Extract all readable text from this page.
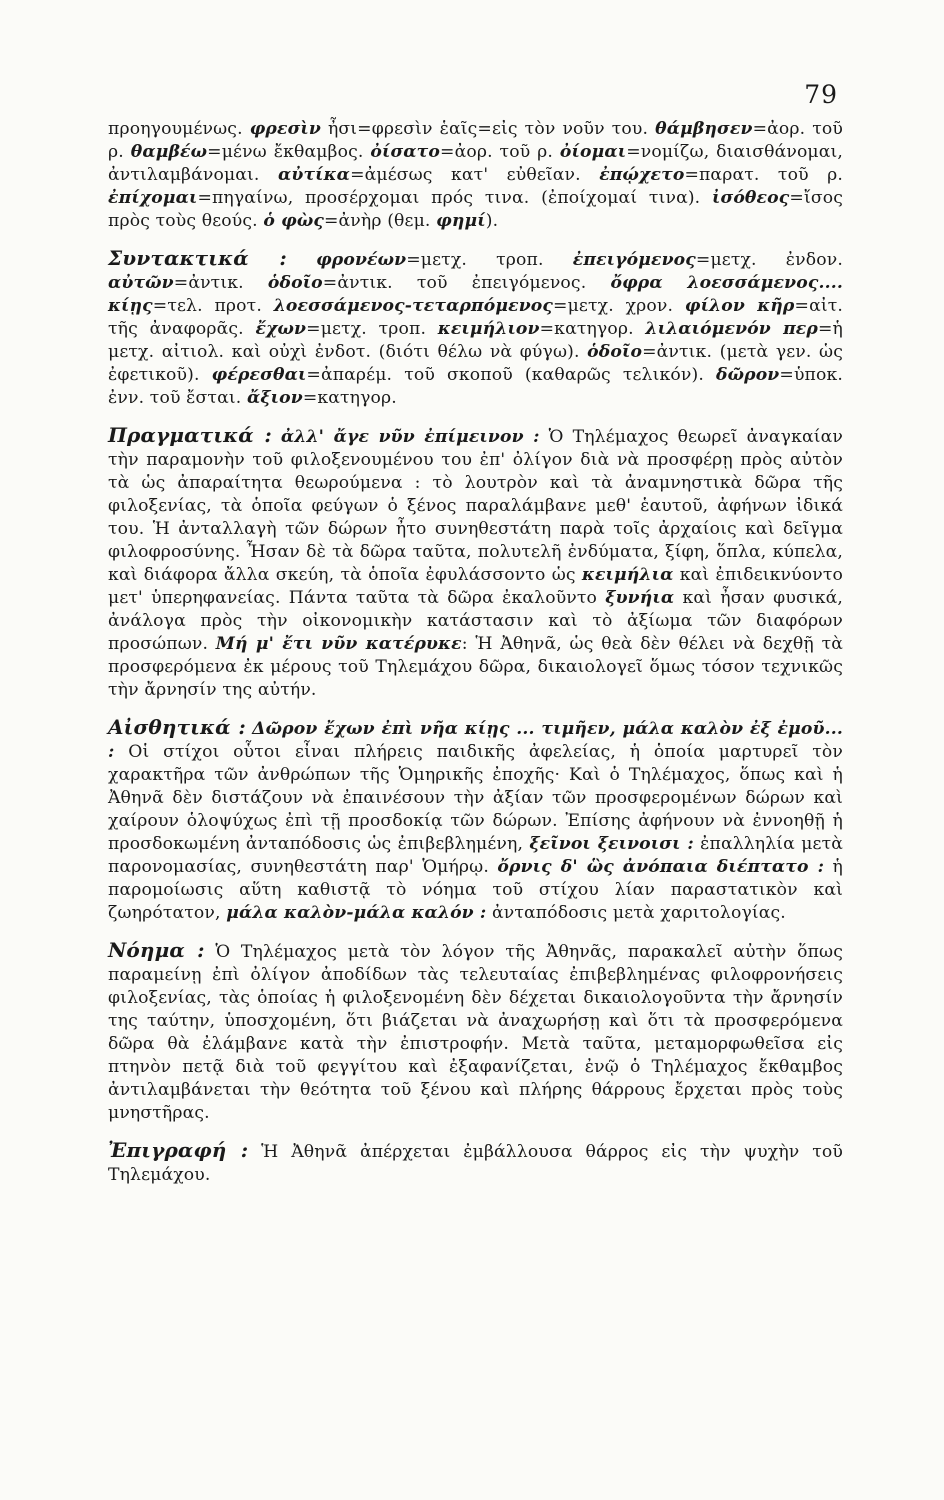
79

προηγουμένως. φρεσὶν ἦσι=φρεσὶν ἑαῖς=εἰς τὸν νοῦν του. θάμβησεν=ἀορ. τοῦ ρ. θαμβέω=μένω ἔκθαμβος. ὀίσατο=ἀορ. τοῦ ρ. ὀίομαι=νομίζω, διαισθάνομαι, ἀντιλαμβάνομαι. αὐτίκα=ἀμέσως κατ' εὐθεῖαν. ἐπῴχετο=παρατ. τοῦ ρ. ἐπίχομαι=πηγαίνω, προσέρχομαι πρός τινα. (ἐποίχομαί τινα). ἰσόθεος=ἴσος πρὸς τοὺς θεούς. ὁ φὼς=ἀνὴρ (θεμ. φημί).

Συντακτικά : φρονέων=μετχ. τροπ. ἐπειγόμενος=μετχ. ἐνδον. αὐτῶν=ἀντικ. ὁδοῖο=ἀντικ. τοῦ ἐπειγόμενος. ὄφρα λοεσσάμενος.... κίῃς=τελ. προτ. λοεσσάμενος-τεταρπόμενος=μετχ. χρον. φίλον κῆρ=αἰτ. τῆς ἀναφορᾶς. ἔχων=μετχ. τροπ. κειμήλιον=κατηγορ. λιλαιόμενόν περ=ἡ μετχ. αἰτιολ. καὶ οὐχὶ ἐνδοτ. (διότι θέλω νὰ φύγω). ὁδοῖο=ἀντικ. (μετὰ γεν. ὡς ἐφετικοῦ). φέρεσθαι=ἀπαρέμ. τοῦ σκοποῦ (καθαρῶς τελικόν). δῶρον=ὑποκ. ἐνν. τοῦ ἔσται. ἄξιον=κατηγορ.

Πραγματικά : ἀλλ' ἄγε νῦν ἐπίμεινον : Ὁ Τηλέμαχος θεωρεῖ ἀναγκαίαν τὴν παραμονὴν τοῦ φιλοξενουμένου του ἐπ' ὀλίγον διὰ νὰ προσφέρῃ πρὸς αὐτὸν τὰ ὡς ἀπαραίτητα θεωρούμενα : τὸ λουτρὸν καὶ τὰ ἀναμνηστικὰ δῶρα τῆς φιλοξενίας, τὰ ὁποῖα φεύγων ὁ ξένος παραλάμβανε μεθ' ἑαυτοῦ, ἀφήνων ἰδικά του. Ἡ ἀνταλλαγὴ τῶν δώρων ἦτο συνηθεστάτη παρὰ τοῖς ἀρχαίοις καὶ δεῖγμα φιλοφροσύνης. Ἦσαν δὲ τὰ δῶρα ταῦτα, πολυτελῆ ἐνδύματα, ξίφη, ὅπλα, κύπελα, καὶ διάφορα ἄλλα σκεύη, τὰ ὁποῖα ἐφυλάσσοντο ὡς κειμήλια καὶ ἐπιδεικνύοντο μετ' ὑπερηφανείας. Πάντα ταῦτα τὰ δῶρα ἐκαλοῦντο ξυνήια καὶ ἦσαν φυσικά, ἀνάλογα πρὸς τὴν οἰκονομικὴν κατάστασιν καὶ τὸ ἀξίωμα τῶν διαφόρων προσώπων. Μή μ' ἔτι νῦν κατέρυκε: Ἡ Ἀθηνᾶ, ὡς θεὰ δὲν θέλει νὰ δεχθῇ τὰ προσφερόμενα ἐκ μέρους τοῦ Τηλεμάχου δῶρα, δικαιολογεῖ ὅμως τόσον τεχνικῶς τὴν ἄρνησίν της αὐτήν.

Αἰσθητικά : Δῶρον ἔχων ἐπὶ νῆα κίῃς ... τιμῆεν, μάλα καλὸν ἐξ ἐμοῦ... : Οἱ στίχοι οὗτοι εἶναι πλήρεις παιδικῆς ἀφελείας, ἡ ὁποία μαρτυρεῖ τὸν χαρακτῆρα τῶν ἀνθρώπων τῆς Ὁμηρικῆς ἐποχῆς· Καὶ ὁ Τηλέμαχος, ὅπως καὶ ἡ Ἀθηνᾶ δὲν διστάζουν νὰ ἐπαινέσουν τὴν ἀξίαν τῶν προσφερομένων δώρων καὶ χαίρουν ὁλοψύχως ἐπὶ τῇ προσδοκίᾳ τῶν δώρων. Ἐπίσης ἀφήνουν νὰ ἐννοηθῇ ἡ προσδοκωμένη ἀνταπόδοσις ὡς ἐπιβεβλημένη, ξεῖνοι ξεινοισι : ἐπαλληλία μετὰ παρονομασίας, συνηθεστάτη παρ' Ὁμήρῳ. ὄρνις δ' ὣς ἀνόπαια διέπτατο : ἡ παρομοίωσις αὕτη καθιστᾷ τὸ νόημα τοῦ στίχου λίαν παραστατικὸν καὶ ζωηρότατον, μάλα καλὸν-μάλα καλόν : ἀνταπόδοσις μετὰ χαριτολογίας.

Νόημα : Ὁ Τηλέμαχος μετὰ τὸν λόγον τῆς Ἀθηνᾶς, παρακαλεῖ αὐτὴν ὅπως παραμείνῃ ἐπὶ ὀλίγον ἀποδίδων τὰς τελευταίας ἐπιβεβλημένας φιλοφρονήσεις φιλοξενίας, τὰς ὁποίας ἡ φιλοξενομένη δὲν δέχεται δικαιολογοῦντα τὴν ἄρνησίν της ταύτην, ὑποσχομένη, ὅτι βιάζεται νὰ ἀναχωρήσῃ καὶ ὅτι τὰ προσφερόμενα δῶρα θὰ ἐλάμβανε κατὰ τὴν ἐπιστροφήν. Μετὰ ταῦτα, μεταμορφωθεῖσα εἰς πτηνὸν πετᾷ διὰ τοῦ φεγγίτου καὶ ἐξαφανίζεται, ἐνῷ ὁ Τηλέμαχος ἔκθαμβος ἀντιλαμβάνεται τὴν θεότητα τοῦ ξένου καὶ πλήρης θάρρους ἔρχεται πρὸς τοὺς μνηστῆρας.

Ἐπιγραφή : Ἡ Ἀθηνᾶ ἀπέρχεται ἐμβάλλουσα θάρρος εἰς τὴν ψυχὴν τοῦ Τηλεμάχου.
